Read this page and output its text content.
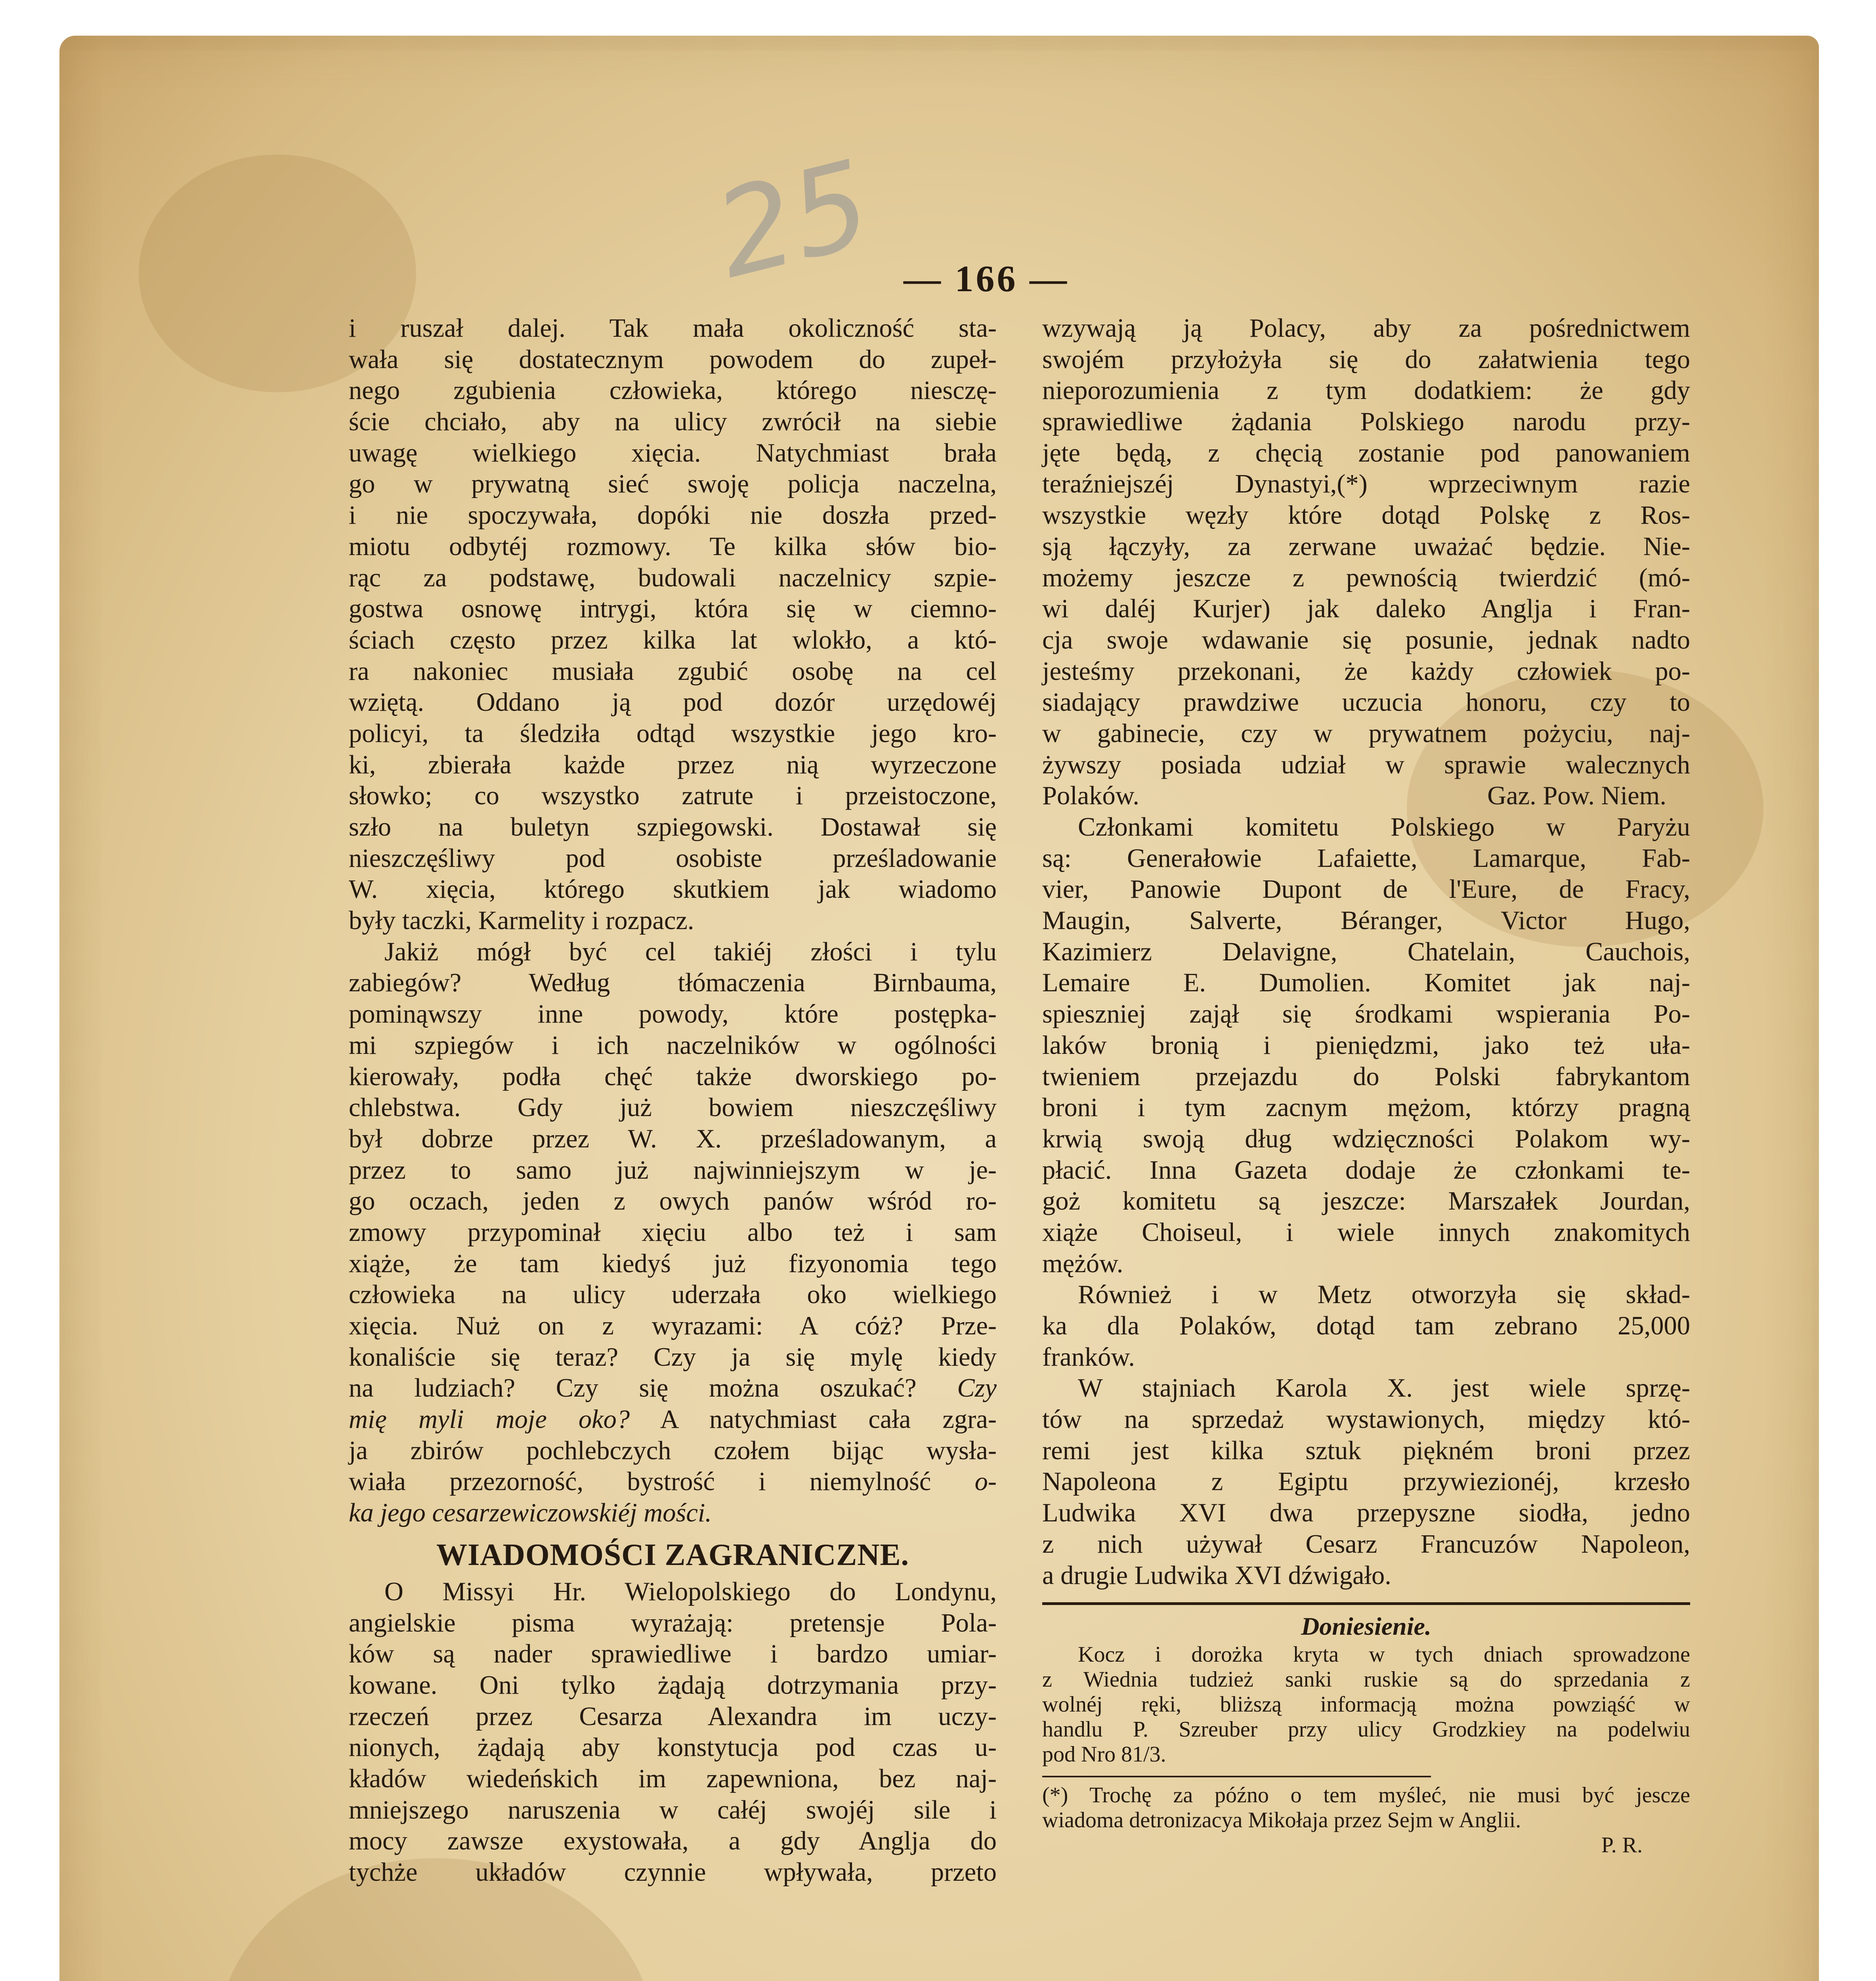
25 — 166 —
i ruszał dalej. Tak mała okoliczność sta-
wała się dostatecznym powodem do zupeł-
nego zgubienia człowieka, którego niesczę-
ście chciało, aby na ulicy zwrócił na siebie
uwagę wielkiego xięcia. Natychmiast brała
go w prywatną sieć swoję policja naczelna,
i nie spoczywała, dopóki nie doszła przed-
miotu odbytéj rozmowy. Te kilka słów bio-
rąc za podstawę, budowali naczelnicy szpie-
gostwa osnowę intrygi, która się w ciemno-
ściach często przez kilka lat wlokło, a któ-
ra nakoniec musiała zgubić osobę na cel
wziętą. Oddano ją pod dozór urzędowéj
policyi, ta śledziła odtąd wszystkie jego kro-
ki, zbierała każde przez nią wyrzeczone
słowko; co wszystko zatrute i przeistoczone,
szło na buletyn szpiegowski. Dostawał się
nieszczęśliwy pod osobiste prześladowanie
W. xięcia, którego skutkiem jak wiadomo
były taczki, Karmelity i rozpacz.
Jakiż mógł być cel takiéj złości i tylu
zabiegów? Według tłómaczenia Birnbauma,
pominąwszy inne powody, które postępka-
mi szpiegów i ich naczelników w ogólności
kierowały, podła chęć także dworskiego po-
chlebstwa. Gdy już bowiem nieszczęśliwy
był dobrze przez W. X. prześladowanym, a
przez to samo już najwinniejszym w je-
go oczach, jeden z owych panów wśród ro-
zmowy przypominał xięciu albo też i sam
xiąże, że tam kiedyś już fizyonomia tego
człowieka na ulicy uderzała oko wielkiego
xięcia. Nuż on z wyrazami: A cóż? Prze-
konaliście się teraz? Czy ja się mylę kiedy
na ludziach? Czy się można oszukać? Czy
mię myli moje oko? A natychmiast cała zgra-
ja zbirów pochlebczych czołem bijąc wysła-
wiała przezorność, bystrość i niemylność o-
ka jego cesarzewiczowskiéj mości.
WIADOMOŚCI ZAGRANICZNE.
O Missyi Hr. Wielopolskiego do Londynu,
angielskie pisma wyrażają: pretensje Pola-
ków są nader sprawiedliwe i bardzo umiar-
kowane. Oni tylko żądają dotrzymania przy-
rzeczeń przez Cesarza Alexandra im uczy-
nionych, żądają aby konstytucja pod czas u-
kładów wiedeńskich im zapewniona, bez naj-
mniejszego naruszenia w całéj swojéj sile i
mocy zawsze exystowała, a gdy Anglja do
tychże układów czynnie wpływała, przeto
wzywają ją Polacy, aby za pośrednictwem
swojém przyłożyła się do załatwienia tego
nieporozumienia z tym dodatkiem: że gdy
sprawiedliwe żądania Polskiego narodu przy-
jęte będą, z chęcią zostanie pod panowaniem
teraźniejszéj Dynastyi,(*) wprzeciwnym razie
wszystkie węzły które dotąd Polskę z Ros-
sją łączyły, za zerwane uważać będzie. Nie-
możemy jeszcze z pewnością twierdzić (mó-
wi daléj Kurjer) jak daleko Anglja i Fran-
cja swoje wdawanie się posunie, jednak nadto
jesteśmy przekonani, że każdy człowiek po-
siadający prawdziwe uczucia honoru, czy to
w gabinecie, czy w prywatnem pożyciu, naj-
żywszy posiada udział w sprawie walecznych
Polaków.	Gaz. Pow. Niem.
Członkami komitetu Polskiego w Paryżu
są: Generałowie Lafaiette, Lamarque, Fab-
vier, Panowie Dupont de l'Eure, de Fracy,
Maugin, Salverte, Béranger, Victor Hugo,
Kazimierz Delavigne, Chatelain, Cauchois,
Lemaire E. Dumolien. Komitet jak naj-
spieszniej zajął się środkami wspierania Po-
laków bronią i pieniędzmi, jako też uła-
twieniem przejazdu do Polski fabrykantom
broni i tym zacnym mężom, którzy pragną
krwią swoją dług wdzięczności Polakom wy-
płacić. Inna Gazeta dodaje że członkami te-
goż komitetu są jeszcze: Marszałek Jourdan,
xiąże Choiseul, i wiele innych znakomitych
mężów.
Również i w Metz otworzyła się skład-
ka dla Polaków, dotąd tam zebrano 25,000
franków.
W stajniach Karola X. jest wiele sprzę-
tów na sprzedaż wystawionych, między któ-
remi jest kilka sztuk piękném broni przez
Napoleona z Egiptu przywiezionéj, krzesło
Ludwika XVI dwa przepyszne siodła, jedno
z nich używał Cesarz Francuzów Napoleon,
a drugie Ludwika XVI dźwigało.
Doniesienie.
Kocz i dorożka kryta w tych dniach sprowadzone
z Wiednia tudzież sanki ruskie są do sprzedania z
wolnéj ręki, bliższą informacją można powziąść w
handlu P. Szreuber przy ulicy Grodzkiey na podelwiu
pod Nro 81/3.
(*) Trochę za późno o tem myśleć, nie musi być jescze
wiadoma detronizacya Mikołaja przez Sejm w Anglii.
P. R.
